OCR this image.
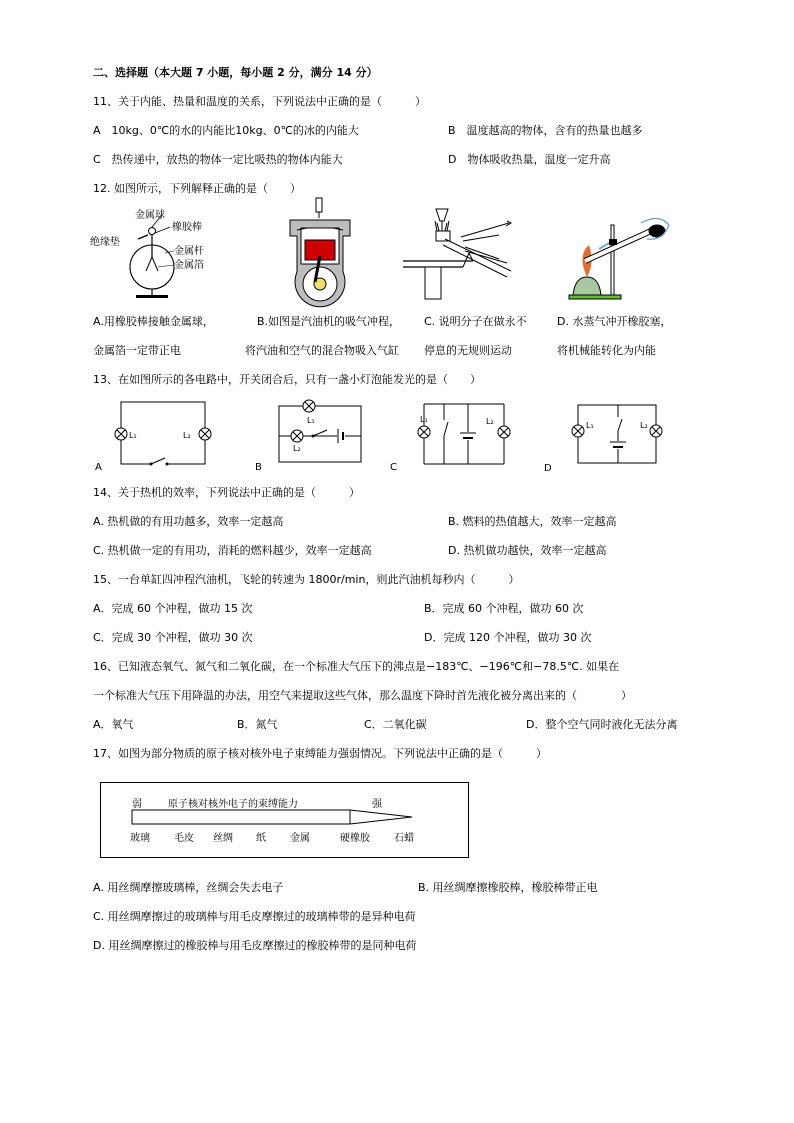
二、选择题（本大题 7 小题，每小题 2 分，满分 14 分）
11、关于内能、热量和温度的关系，下列说法中正确的是（　　　）
A　10kg、0℃的水的内能比10kg、0℃的冰的内能大	B　温度越高的物体，含有的热量也越多
C　热传递中，放热的物体一定比吸热的物体内能大	D　物体吸收热量，温度一定升高
12. 如图所示，下列解释正确的是（　　）
金属球
橡胶棒
绝缘垫
金属杆
金属箔
A.用橡胶棒接触金属球，
金属箔一定带正电
B.如图是汽油机的吸气冲程，
将汽油和空气的混合物吸入气缸
C. 说明分子在做永不
停息的无规则运动
D. 水蒸气冲开橡胶塞，
将机械能转化为内能
13、在如图所示的各电路中，开关闭合后，只有一盏小灯泡能发光的是（　　）
A
L₁	L₂
B
L₁
L₂
C
L₁	L₂
D
L₁	L₂
14、关于热机的效率，下列说法中正确的是（　　　）
A. 热机做的有用功越多，效率一定越高	B. 燃料的热值越大，效率一定越高
C. 热机做一定的有用功，消耗的燃料越少，效率一定越高	D. 热机做功越快，效率一定越高
15、一台单缸四冲程汽油机，飞轮的转速为 1800r/min，则此汽油机每秒内（　　　）
A．完成 60 个冲程，做功 15 次	B．完成 60 个冲程，做功 60 次
C．完成 30 个冲程，做功 30 次	D．完成 120 个冲程，做功 30 次
16、已知液态氧气、氮气和二氧化碳，在一个标准大气压下的沸点是−183℃、−196℃和−78.5℃. 如果在
一个标准大气压下用降温的办法，用空气来提取这些气体，那么温度下降时首先液化被分离出来的（　　　　）
A．氧气	B．氮气	C．二氧化碳	D．整个空气同时液化无法分离
17、如图为部分物质的原子核对核外电子束缚能力强弱情况。下列说法中正确的是（　　　）
弱	原子核对核外电子的束缚能力	强
玻璃 毛皮 丝绸 纸 金属	硬橡胶 石蜡
A. 用丝绸摩擦玻璃棒，丝绸会失去电子	B. 用丝绸摩擦橡胶棒，橡胶棒带正电
C. 用丝绸摩擦过的玻璃棒与用毛皮摩擦过的玻璃棒带的是异种电荷
D. 用丝绸摩擦过的橡胶棒与用毛皮摩擦过的橡胶棒带的是同种电荷
